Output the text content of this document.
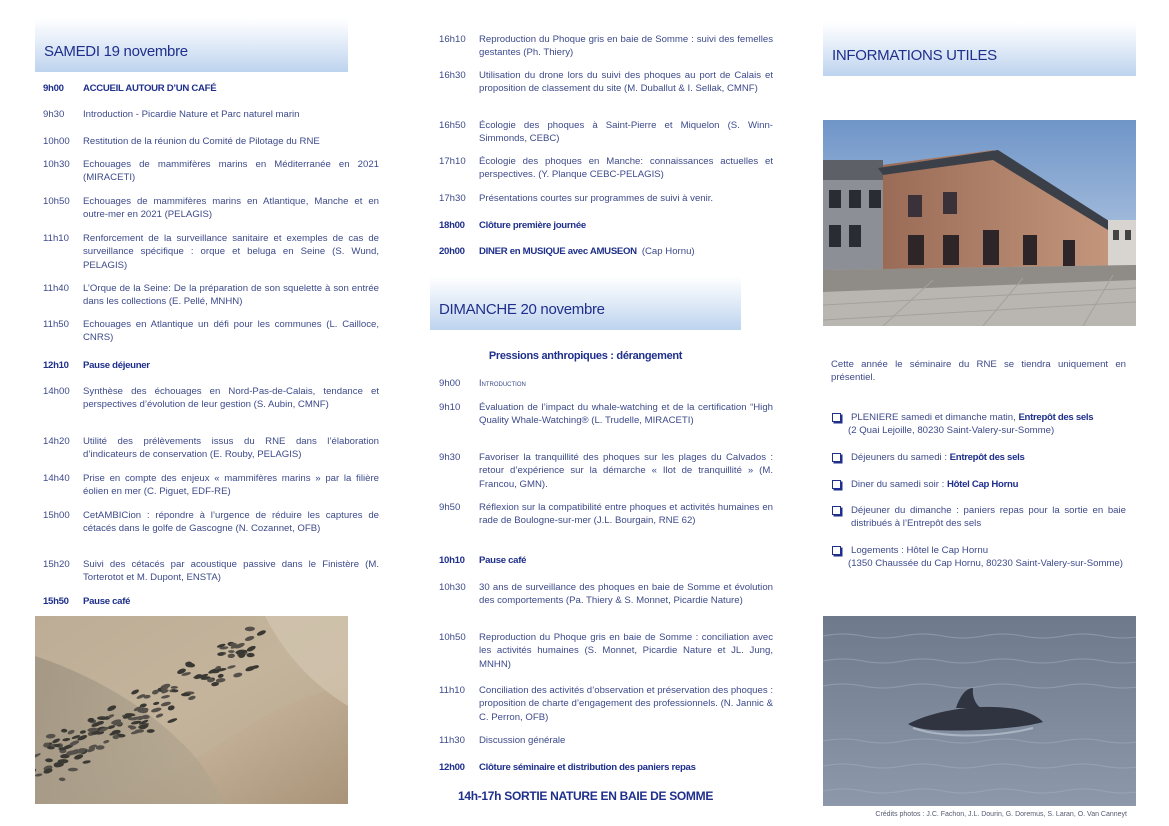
SAMEDI 19 novembre
9h00	ACCUEIL AUTOUR D’UN CAFÉ
9h30	Introduction - Picardie Nature et Parc naturel marin
10h00	Restitution de la réunion du Comité de Pilotage du RNE
10h30	Echouages de mammifères marins en Méditerranée en 2021 (MIRACETI)
10h50	Echouages de mammifères marins en Atlantique, Manche et en outre-mer en 2021 (PELAGIS)
11h10	Renforcement de la surveillance sanitaire et exemples de cas de surveillance spécifique : orque et beluga en Seine (S. Wund, PELAGIS)
11h40	L’Orque de la Seine: De la préparation de son squelette à son entrée dans les collections (E. Pellé, MNHN)
11h50	Echouages en Atlantique un défi pour les communes (L. Cailloce, CNRS)
12h10	Pause déjeuner
14h00	Synthèse des échouages en Nord-Pas-de-Calais, tendance et perspectives d’évolution de leur gestion (S. Aubin, CMNF)
14h20	Utilité des prélèvements issus du RNE dans l’élaboration d’indicateurs de conservation (E. Rouby, PELAGIS)
14h40	Prise en compte des enjeux « mammifères marins » par la filière éolien en mer (C. Piguet, EDF-RE)
15h00	CetAMBICion : répondre à l’urgence de réduire les captures de cétacés dans le golfe de Gascogne (N. Cozannet, OFB)
15h20	Suivi des cétacés par acoustique passive dans le Finistère (M. Torterotot et M. Dupont, ENSTA)
15h50	Pause café
16h10	Reproduction du Phoque gris en baie de Somme : suivi des femelles gestantes (Ph. Thiery)
16h30	Utilisation du drone lors du suivi des phoques au port de Calais et proposition de classement du site (M. Duballut & I. Sellak, CMNF)
16h50	Écologie des phoques à Saint-Pierre et Miquelon (S. Winn-Simmonds, CEBC)
17h10	Écologie des phoques en Manche: connaissances actuelles et perspectives. (Y. Planque CEBC-PELAGIS)
17h30	Présentations courtes sur programmes de suivi à venir.
18h00	Clôture première journée
20h00	DINER en MUSIQUE avec AMUSEON (Cap Hornu)
DIMANCHE 20 novembre
Pressions anthropiques : dérangement
9h00	Introduction
9h10	Évaluation de l’impact du whale-watching et de la certification “High Quality Whale-Watching® (L. Trudelle, MIRACETI)
9h30	Favoriser la tranquillité des phoques sur les plages du Calvados : retour d’expérience sur la démarche « Ilot de tranquillité » (M. Francou, GMN).
9h50	Réflexion sur la compatibilité entre phoques et activités humaines en rade de Boulogne-sur-mer (J.L. Bourgain, RNE 62)
10h10	Pause café
10h30	30 ans de surveillance des phoques en baie de Somme et évolution des comportements (Pa. Thiery & S. Monnet, Picardie Nature)
10h50	Reproduction du Phoque gris en baie de Somme : conciliation avec les activités humaines (S. Monnet, Picardie Nature et JL. Jung, MNHN)
11h10	Conciliation des activités d’observation et préservation des phoques : proposition de charte d’engagement des professionnels. (N. Jannic & C. Perron, OFB)
11h30	Discussion générale
12h00	Clôture séminaire et distribution des paniers repas
14h-17h SORTIE NATURE EN BAIE DE SOMME
INFORMATIONS UTILES
Cette année le séminaire du RNE se tiendra uniquement en présentiel.
PLENIERE samedi et dimanche matin, Entrepôt des sels
(2 Quai Lejoille, 80230 Saint-Valery-sur-Somme)
Déjeuners du samedi : Entrepôt des sels
Diner du samedi soir : Hôtel Cap Hornu
Déjeuner du dimanche : paniers repas pour la sortie en baie distribués à l’Entrepôt des sels
Logements : Hôtel le Cap Hornu
(1350 Chaussée du Cap Hornu, 80230 Saint-Valery-sur-Somme)
Crédits photos : J.C. Fachon, J.L. Dourin, G. Doremus, S. Laran, O. Van Canneyt
